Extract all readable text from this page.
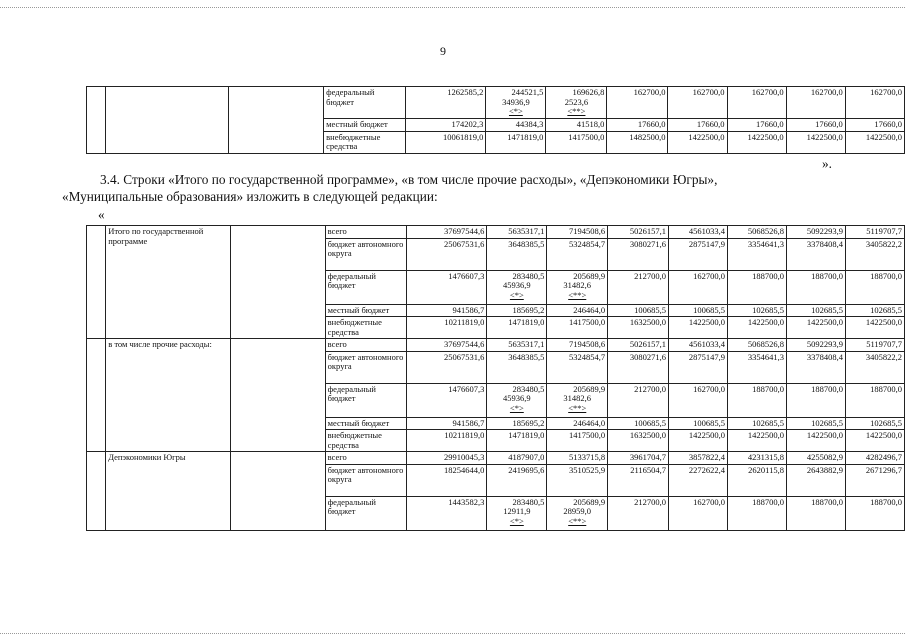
9
			федеральный бюджет	1262585,2	244521,5
34936,9
<*>	169626,8
2523,6
<**>	162700,0	162700,0	162700,0	162700,0	162700,0
			местный бюджет	174202,3	44384,3	41518,0	17660,0	17660,0	17660,0	17660,0	17660,0
			внебюджетные средства	10061819,0	1471819,0	1417500,0	1482500,0	1422500,0	1422500,0	1422500,0	1422500,0
».
3.4. Строки «Итого по государственной программе», «в том числе прочие расходы», «Депэкономики Югры»,
«Муниципальные образования» изложить в следующей редакции:
«
	Итого по государственной программе		всего	37697544,6	5635317,1	7194508,6	5026157,1	4561033,4	5068526,8	5092293,9	5119707,7
			бюджет автономного округа	25067531,6	3648385,5	5324854,7	3080271,6	2875147,9	3354641,3	3378408,4	3405822,2
			федеральный бюджет	1476607,3	283480,5
45936,9
<*>	205689,9
31482,6
<**>	212700,0	162700,0	188700,0	188700,0	188700,0
			местный бюджет	941586,7	185695,2	246464,0	100685,5	100685,5	102685,5	102685,5	102685,5
			внебюджетные средства	10211819,0	1471819,0	1417500,0	1632500,0	1422500,0	1422500,0	1422500,0	1422500,0
	в том числе прочие расходы:		всего	37697544,6	5635317,1	7194508,6	5026157,1	4561033,4	5068526,8	5092293,9	5119707,7
			бюджет автономного округа	25067531,6	3648385,5	5324854,7	3080271,6	2875147,9	3354641,3	3378408,4	3405822,2
			федеральный бюджет	1476607,3	283480,5
45936,9
<*>	205689,9
31482,6
<**>	212700,0	162700,0	188700,0	188700,0	188700,0
			местный бюджет	941586,7	185695,2	246464,0	100685,5	100685,5	102685,5	102685,5	102685,5
			внебюджетные средства	10211819,0	1471819,0	1417500,0	1632500,0	1422500,0	1422500,0	1422500,0	1422500,0
	Депэкономики Югры		всего	29910045,3	4187907,0	5133715,8	3961704,7	3857822,4	4231315,8	4255082,9	4282496,7
			бюджет автономного округа	18254644,0	2419695,6	3510525,9	2116504,7	2272622,4	2620115,8	2643882,9	2671296,7
			федеральный бюджет	1443582,3	283480,5
12911,9
<*>	205689,9
28959,0
<**>	212700,0	162700,0	188700,0	188700,0	188700,0
